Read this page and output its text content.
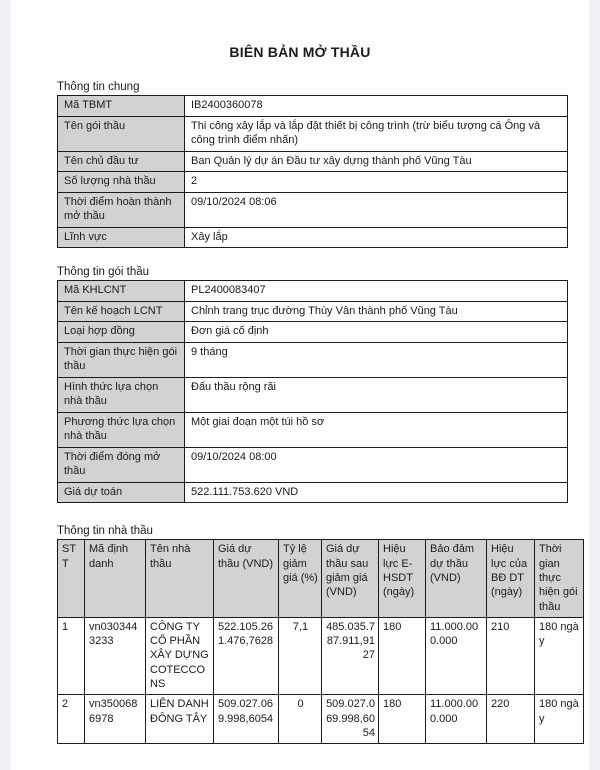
BIÊN BẢN MỞ THẦU
Thông tin chung
Mã TBMT	IB2400360078
Tên gói thầu	Thi công xây lắp và lắp đặt thiết bị công trình (trừ biểu tượng cá Ông và công trình điểm nhấn)
Tên chủ đầu tư	Ban Quản lý dự án Đầu tư xây dựng thành phố Vũng Tàu
Số lượng nhà thầu	2
Thời điểm hoàn thành mở thầu	09/10/2024 08:06
Lĩnh vực	Xây lắp
Thông tin gói thầu
Mã KHLCNT	PL2400083407
Tên kế hoạch LCNT	Chỉnh trang trục đường Thùy Vân thành phố Vũng Tàu
Loại hợp đồng	Đơn giá cố định
Thời gian thực hiện gói thầu	9 tháng
Hình thức lựa chọn nhà thầu	Đấu thầu rộng rãi
Phương thức lựa chọn nhà thầu	Một giai đoạn một túi hồ sơ
Thời điểm đóng mở thầu	09/10/2024 08:00
Giá dự toán	522.111.753.620 VND
Thông tin nhà thầu
STT	Mã định danh	Tên nhà thầu	Giá dự thầu (VND)	Tỷ lệ giảm giá (%)	Giá dự thầu sau giảm giá (VND)	Hiệu lực E-HSDT (ngày)	Bảo đảm dự thầu (VND)	Hiệu lực của BĐ DT (ngày)	Thời gian thực hiện gói thầu
1	vn0303443233	CÔNG TY CỔ PHẦN XÂY DỰNG COTECCONS	522.105.261.476,7628	7,1	485.035.787.911,9127	180	11.000.000.000	210	180 ngày
2	vn3500686978	LIÊN DANH ĐÔNG TÂY	509.027.069.998,6054	0	509.027.069.998,6054	180	11.000.000.000	220	180 ngày
